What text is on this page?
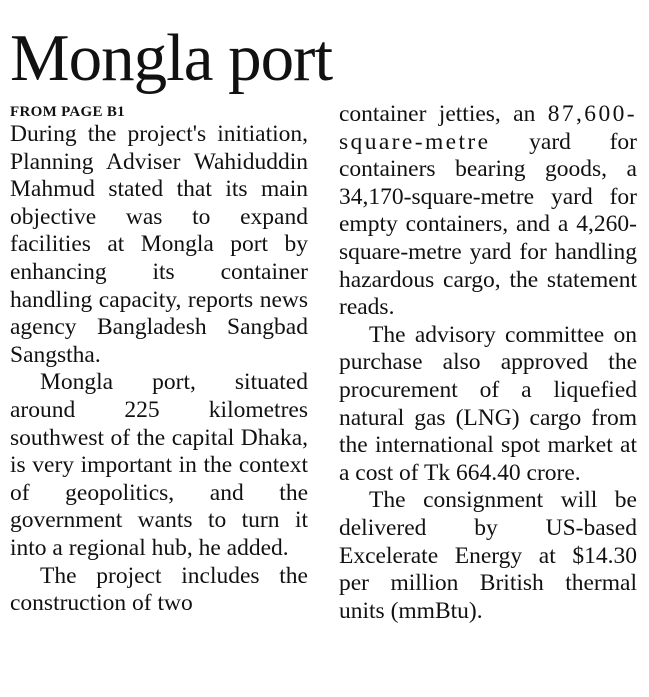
Mongla port
FROM PAGE B1

During the project's initiation, Planning Adviser Wahiduddin Mahmud stated that its main objective was to expand facilities at Mongla port by enhancing its container handling capacity, reports news agency Bangladesh Sangbad Sangstha.

Mongla port, situated around 225 kilometres southwest of the capital Dhaka, is very important in the context of geopolitics, and the government wants to turn it into a regional hub, he added.

The project includes the construction of two

container jetties, an 87,600-square-metre yard for containers bearing goods, a 34,170-square-metre yard for empty containers, and a 4,260-square-metre yard for handling hazardous cargo, the statement reads.

The advisory committee on purchase also approved the procurement of a liquefied natural gas (LNG) cargo from the international spot market at a cost of Tk 664.40 crore.

The consignment will be delivered by US-based Excelerate Energy at $14.30 per million British thermal units (mmBtu).
